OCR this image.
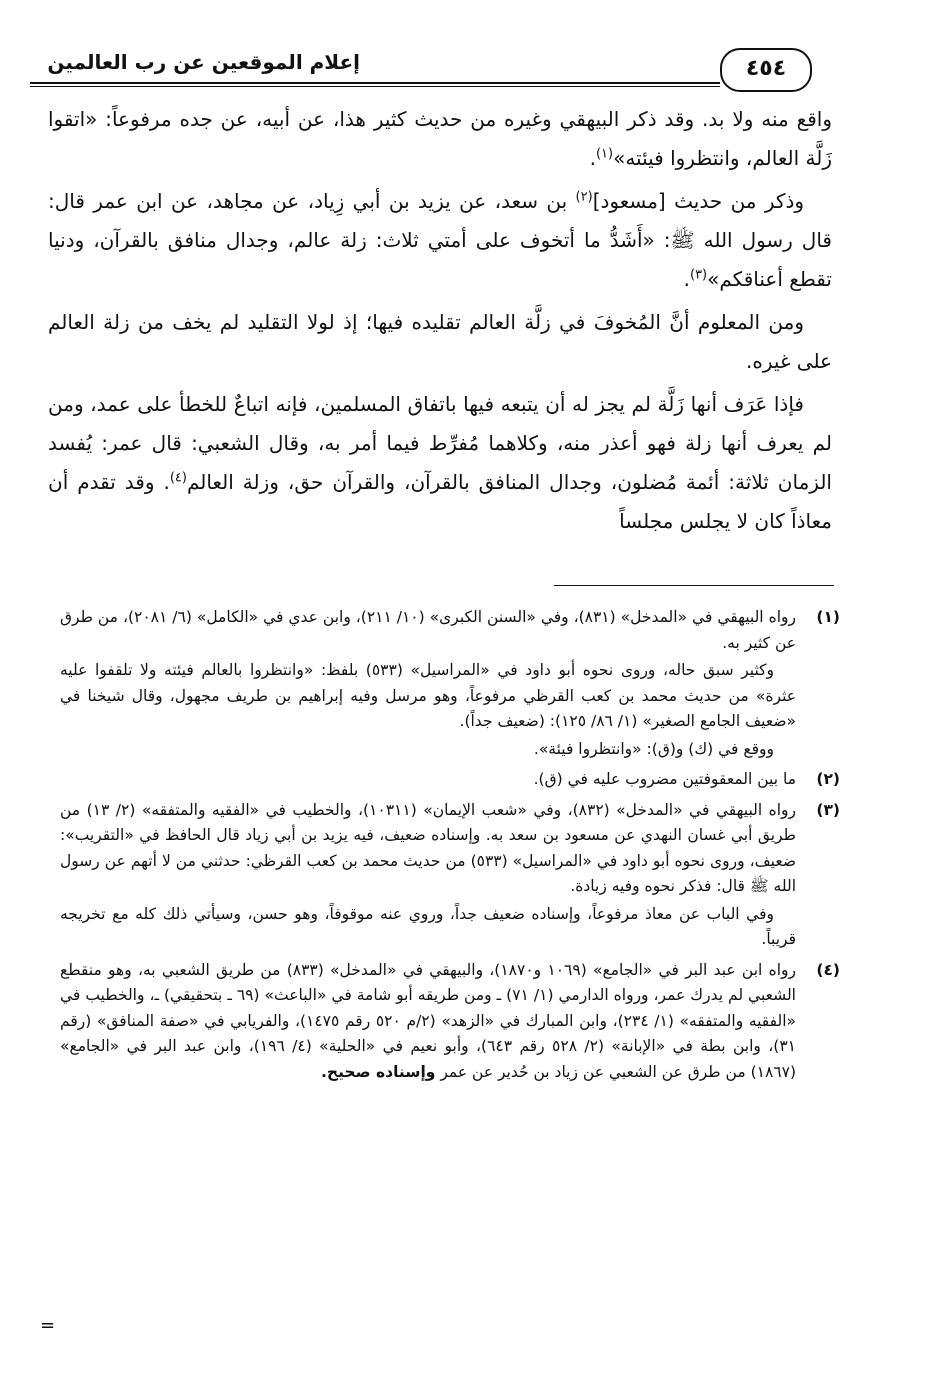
إعلام الموقعين عن رب العالمين	٤٥٤

واقع منه ولا بد. وقد ذكر البيهقي وغيره من حديث كثير هذا، عن أبيه، عن جده مرفوعاً: «اتقوا زَلَّة العالم، وانتظروا فيئته»$^{(١)}$.

وذكر من حديث [مسعود]$^{(٢)}$ بن سعد، عن يزيد بن أبي زِياد، عن مجاهد، عن ابن عمر قال: قال رسول الله ﷺ: «أَشَدُّ ما أتخوف على أمتي ثلاث: زلة عالم، وجدال منافق بالقرآن، ودنيا تقطع أعناقكم»$^{(٣)}$.

ومن المعلوم أنَّ المُخوفَ في زلَّة العالم تقليده فيها؛ إذ لولا التقليد لم يخف من زلة العالم على غيره.

فإذا عَرَف أنها زَلَّة لم يجز له أن يتبعه فيها باتفاق المسلمين، فإنه اتباعٌ للخطأ على عمد، ومن لم يعرف أنها زلة فهو أعذر منه، وكلاهما مُفرِّط فيما أمر به، وقال الشعبي: قال عمر: يُفسد الزمان ثلاثة: أئمة مُضلون، وجدال المنافق بالقرآن، والقرآن حق، وزلة العالم$^{(٤)}$. وقد تقدم أن معاذاً كان لا يجلس مجلساً

(١)

رواه البيهقي في «المدخل» (٨٣١)، وفي «السنن الكبرى» (١٠/ ٢١١)، وابن عدي في «الكامل» (٦/ ٢٠٨١)، من طرق عن كثير به.

وكثير سبق حاله، وروى نحوه أبو داود في «المراسيل» (٥٣٣) بلفظ: «وانتظروا بالعالم فيئته ولا تلقفوا عليه عثرة» من حديث محمد بن كعب القرظي مرفوعاً، وهو مرسل وفيه إبراهيم بن طريف مجهول، وقال شيخنا في «ضعيف الجامع الصغير» (١/ ٨٦/ ١٢٥): (ضعيف جداً).

ووقع في (ك) و(ق): «وانتظروا فيئة».

(٢)

ما بين المعقوفتين مضروب عليه في (ق).

(٣)

رواه البيهقي في «المدخل» (٨٣٢)، وفي «شعب الإيمان» (١٠٣١١)، والخطيب في «الفقيه والمتفقه» (٢/ ١٣) من طريق أبي غسان النهدي عن مسعود بن سعد به. وإسناده ضعيف، فيه يزيد بن أبي زياد قال الحافظ في «التقريب»: ضعيف، وروى نحوه أبو داود في «المراسيل» (٥٣٣) من حديث محمد بن كعب القرظي: حدثني من لا أتهم عن رسول الله ﷺ قال: فذكر نحوه وفيه زيادة.

وفي الباب عن معاذ مرفوعاً، وإسناده ضعيف جداً، وروي عنه موقوفاً، وهو حسن، وسيأتي ذلك كله مع تخريجه قريباً.

(٤)

رواه ابن عبد البر في «الجامع» (١٠٦٩ و١٨٧٠)، والبيهقي في «المدخل» (٨٣٣) من طريق الشعبي به، وهو منقطع الشعبي لم يدرك عمر، ورواه الدارمي (١/ ٧١) ـ ومن طريقه أبو شامة في «الباعث» (٦٩ ـ بتحقيقي) ـ، والخطيب في «الفقيه والمتفقه» (١/ ٢٣٤)، وابن المبارك في «الزهد» (٢/م ٥٢٠ رقم ١٤٧٥)، والفريابي في «صفة المنافق» (رقم ٣١)، وابن بطة في «الإبانة» (٢/ ٥٢٨ رقم ٦٤٣)، وأبو نعيم في «الحلية» (٤/ ١٩٦)، وابن عبد البر في «الجامع» (١٨٦٧) من طرق عن الشعبي عن زياد بن حُدير عن عمر وإسناده صحيح.

=
